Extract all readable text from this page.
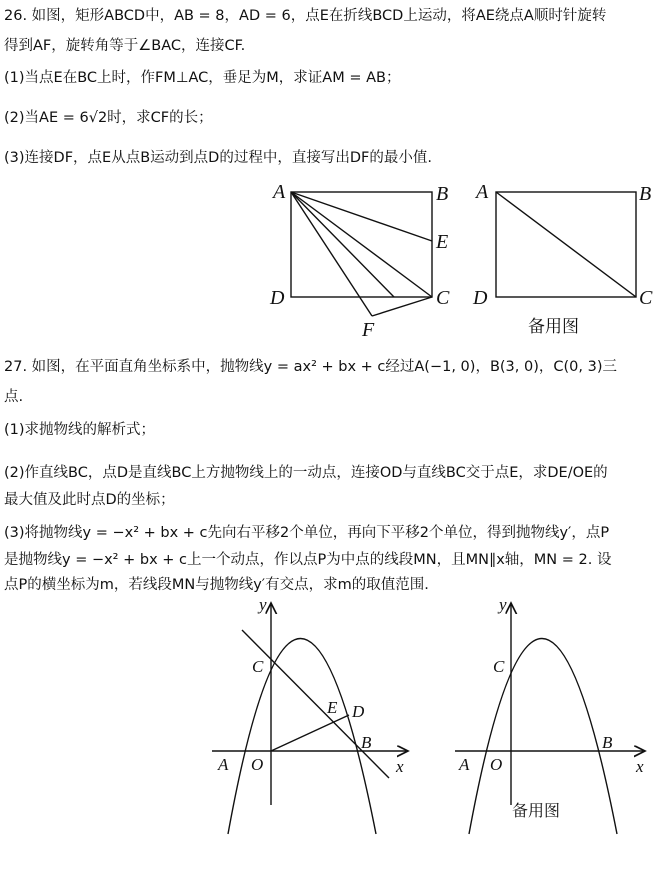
26. 如图，矩形ABCD中，AB = 8，AD = 6，点E在折线BCD上运动，将AE绕点A顺时针旋转
得到AF，旋转角等于∠BAC，连接CF.
(1)当点E在BC上时，作FM⊥AC，垂足为M，求证AM = AB；
(2)当AE = 6√2时，求CF的长；
(3)连接DF，点E从点B运动到点D的过程中，直接写出DF的最小值.
A	B
C
D
E
F
A	B
C
D
备用图
27. 如图，在平面直角坐标系中，抛物线y = ax² + bx + c经过A(−1, 0)，B(3, 0)，C(0, 3)三
点.
(1)求抛物线的解析式；
(2)作直线BC，点D是直线BC上方抛物线上的一动点，连接OD与直线BC交于点E，求DE/OE的
最大值及此时点D的坐标；
(3)将抛物线y = −x² + bx + c先向右平移2个单位，再向下平移2个单位，得到抛物线y′，点P
是抛物线y = −x² + bx + c上一个动点，作以点P为中点的线段MN，且MN∥x轴，MN = 2. 设
点P的横坐标为m，若线段MN与抛物线y′有交点，求m的取值范围.
y
x
O
A
B
C
D
E
y
x
O
A
B
C
备用图
